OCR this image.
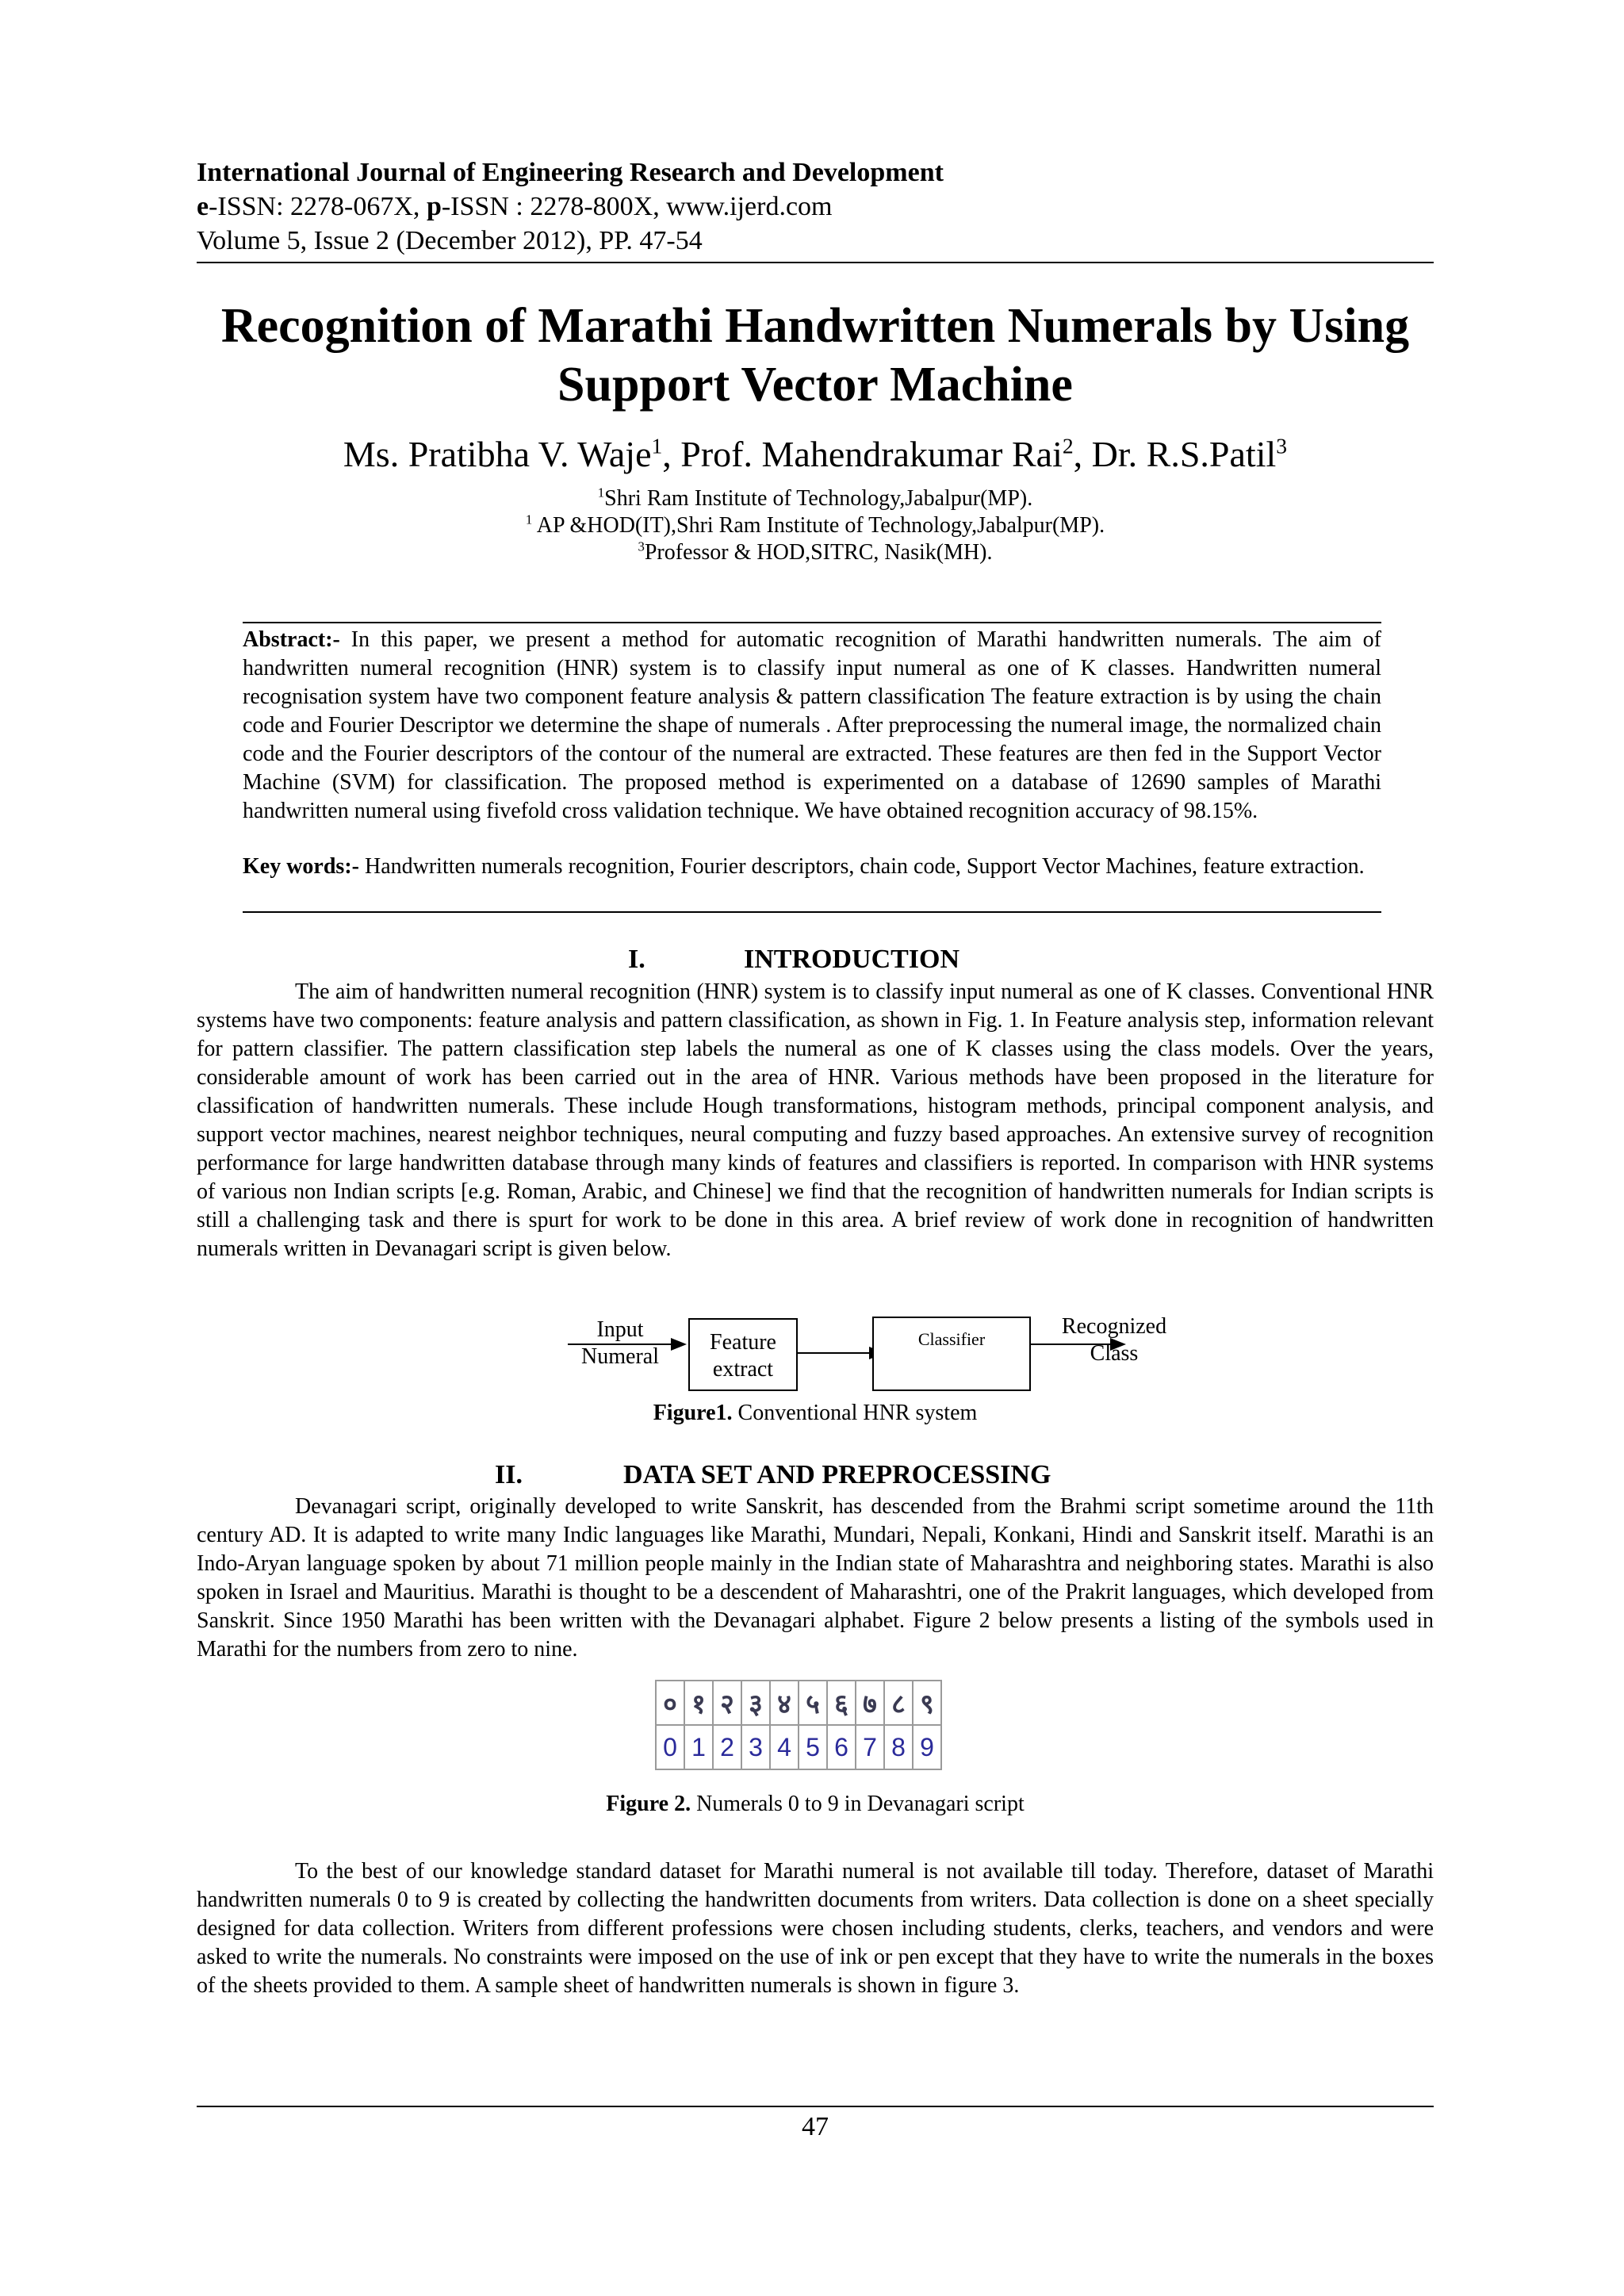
International Journal of Engineering Research and Development
e-ISSN: 2278-067X, p-ISSN : 2278-800X, www.ijerd.com
Volume 5, Issue 2 (December 2012), PP. 47-54
Recognition of Marathi Handwritten Numerals by Using
Support Vector Machine
Ms. Pratibha V. Waje$^1$, Prof. Mahendrakumar Rai$^2$, Dr. R.S.Patil$^3$
$^1$Shri Ram Institute of Technology,Jabalpur(MP).
$^1$ AP &HOD(IT),Shri Ram Institute of Technology,Jabalpur(MP).
$^3$Professor & HOD,SITRC, Nasik(MH).
Abstract:- In this paper, we present a method for automatic recognition of Marathi handwritten numerals. The aim of handwritten numeral recognition (HNR) system is to classify input numeral as one of K classes. Handwritten numeral recognisation system have two component feature analysis & pattern classification The feature extraction is by using the chain code and Fourier Descriptor we determine the shape of numerals . After preprocessing the numeral image, the normalized chain code and the Fourier descriptors of the contour of the numeral are extracted. These features are then fed in the Support Vector Machine (SVM) for classification. The proposed method is experimented on a database of 12690 samples of Marathi handwritten numeral using fivefold cross validation technique. We have obtained recognition accuracy of 98.15%.
Key words:- Handwritten numerals recognition, Fourier descriptors, chain code, Support Vector Machines, feature extraction.
I.	INTRODUCTION
The aim of handwritten numeral recognition (HNR) system is to classify input numeral as one of K classes. Conventional HNR systems have two components: feature analysis and pattern classification, as shown in Fig. 1. In Feature analysis step, information relevant for pattern classifier. The pattern classification step labels the numeral as one of K classes using the class models. Over the years, considerable amount of work has been carried out in the area of HNR. Various methods have been proposed in the literature for classification of handwritten numerals. These include Hough transformations, histogram methods, principal component analysis, and support vector machines, nearest neighbor techniques, neural computing and fuzzy based approaches. An extensive survey of recognition performance for large handwritten database through many kinds of features and classifiers is reported. In comparison with HNR systems of various non Indian scripts [e.g. Roman, Arabic, and Chinese] we find that the recognition of handwritten numerals for Indian scripts is still a challenging task and there is spurt for work to be done in this area. A brief review of work done in recognition of handwritten numerals written in Devanagari script is given below.
Input
Numeral
Feature
extract
Classifier
Recognized
Class
Figure1. Conventional HNR system
II.	DATA SET AND PREPROCESSING
Devanagari script, originally developed to write Sanskrit, has descended from the Brahmi script sometime around the 11th century AD. It is adapted to write many Indic languages like Marathi, Mundari, Nepali, Konkani, Hindi and Sanskrit itself. Marathi is an Indo-Aryan language spoken by about 71 million people mainly in the Indian state of Maharashtra and neighboring states. Marathi is also spoken in Israel and Mauritius. Marathi is thought to be a descendent of Maharashtri, one of the Prakrit languages, which developed from Sanskrit. Since 1950 Marathi has been written with the Devanagari alphabet. Figure 2 below presents a listing of the symbols used in Marathi for the numbers from zero to nine.
०	१	२	३	४	५	६	७	८	९
0	1	2	3	4	5	6	7	8	9
Figure 2. Numerals 0 to 9 in Devanagari script
To the best of our knowledge standard dataset for Marathi numeral is not available till today. Therefore, dataset of Marathi handwritten numerals 0 to 9 is created by collecting the handwritten documents from writers. Data collection is done on a sheet specially designed for data collection. Writers from different professions were chosen including students, clerks, teachers, and vendors and were asked to write the numerals. No constraints were imposed on the use of ink or pen except that they have to write the numerals in the boxes of the sheets provided to them. A sample sheet of handwritten numerals is shown in figure 3.
47
